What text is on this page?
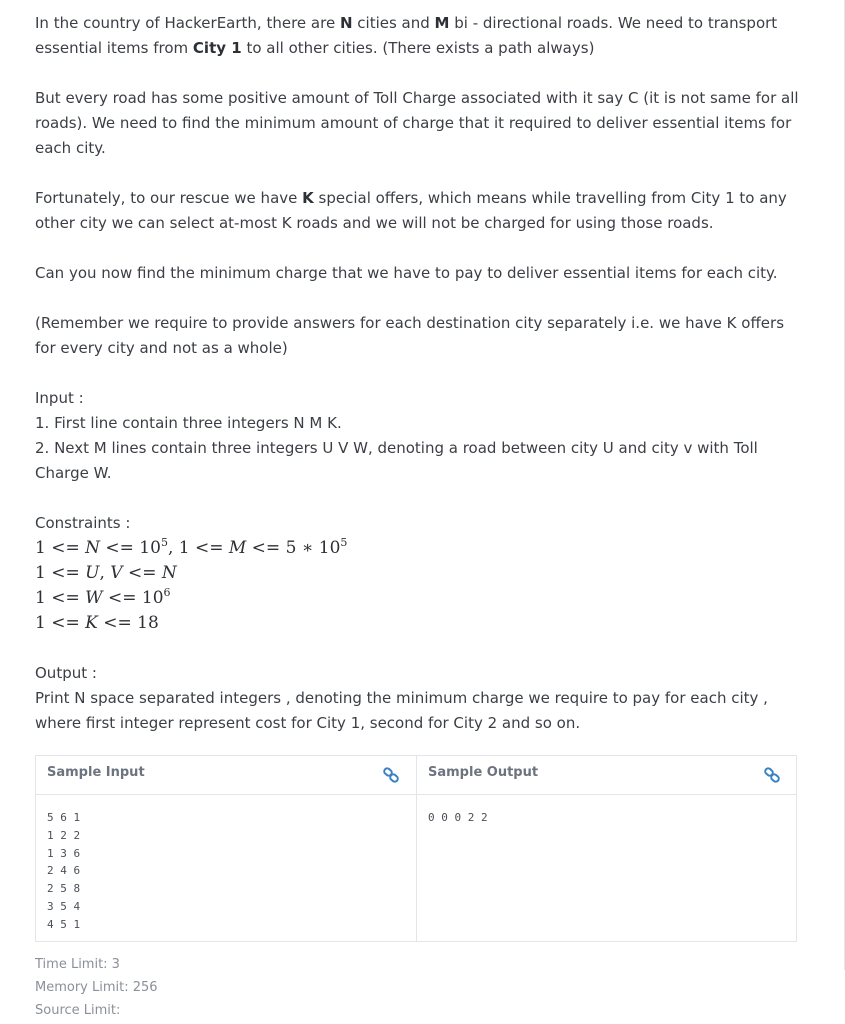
In the country of HackerEarth, there are N cities and M bi - directional roads. We need to transport essential items from City 1 to all other cities. (There exists a path always)

But every road has some positive amount of Toll Charge associated with it say C (it is not same for all roads). We need to find the minimum amount of charge that it required to deliver essential items for each city.

Fortunately, to our rescue we have K special offers, which means while travelling from City 1 to any other city we can select at-most K roads and we will not be charged for using those roads.

Can you now find the minimum charge that we have to pay to deliver essential items for each city.

(Remember we require to provide answers for each destination city separately i.e. we have K offers for every city and not as a whole)

Input :

1. First line contain three integers N M K.

2. Next M lines contain three integers U V W, denoting a road between city U and city v with Toll Charge W.

Constraints :

$1 <= N <= 10^5$, 1 <= M <= 5 ∗ $10^5$
1 <= U, V <= N
$1 <= W <= 10^6$
1 <= K <= 18

Output :

Print N space separated integers , denoting the minimum charge we require to pay for each city , where first integer represent cost for City 1, second for City 2 and so on.

Sample Input
5 6 1
1 2 2
1 3 6
2 4 6
2 5 8
3 5 4
4 5 1
Sample Output
0 0 0 2 2
Time Limit: 3
Memory Limit: 256
Source Limit:
